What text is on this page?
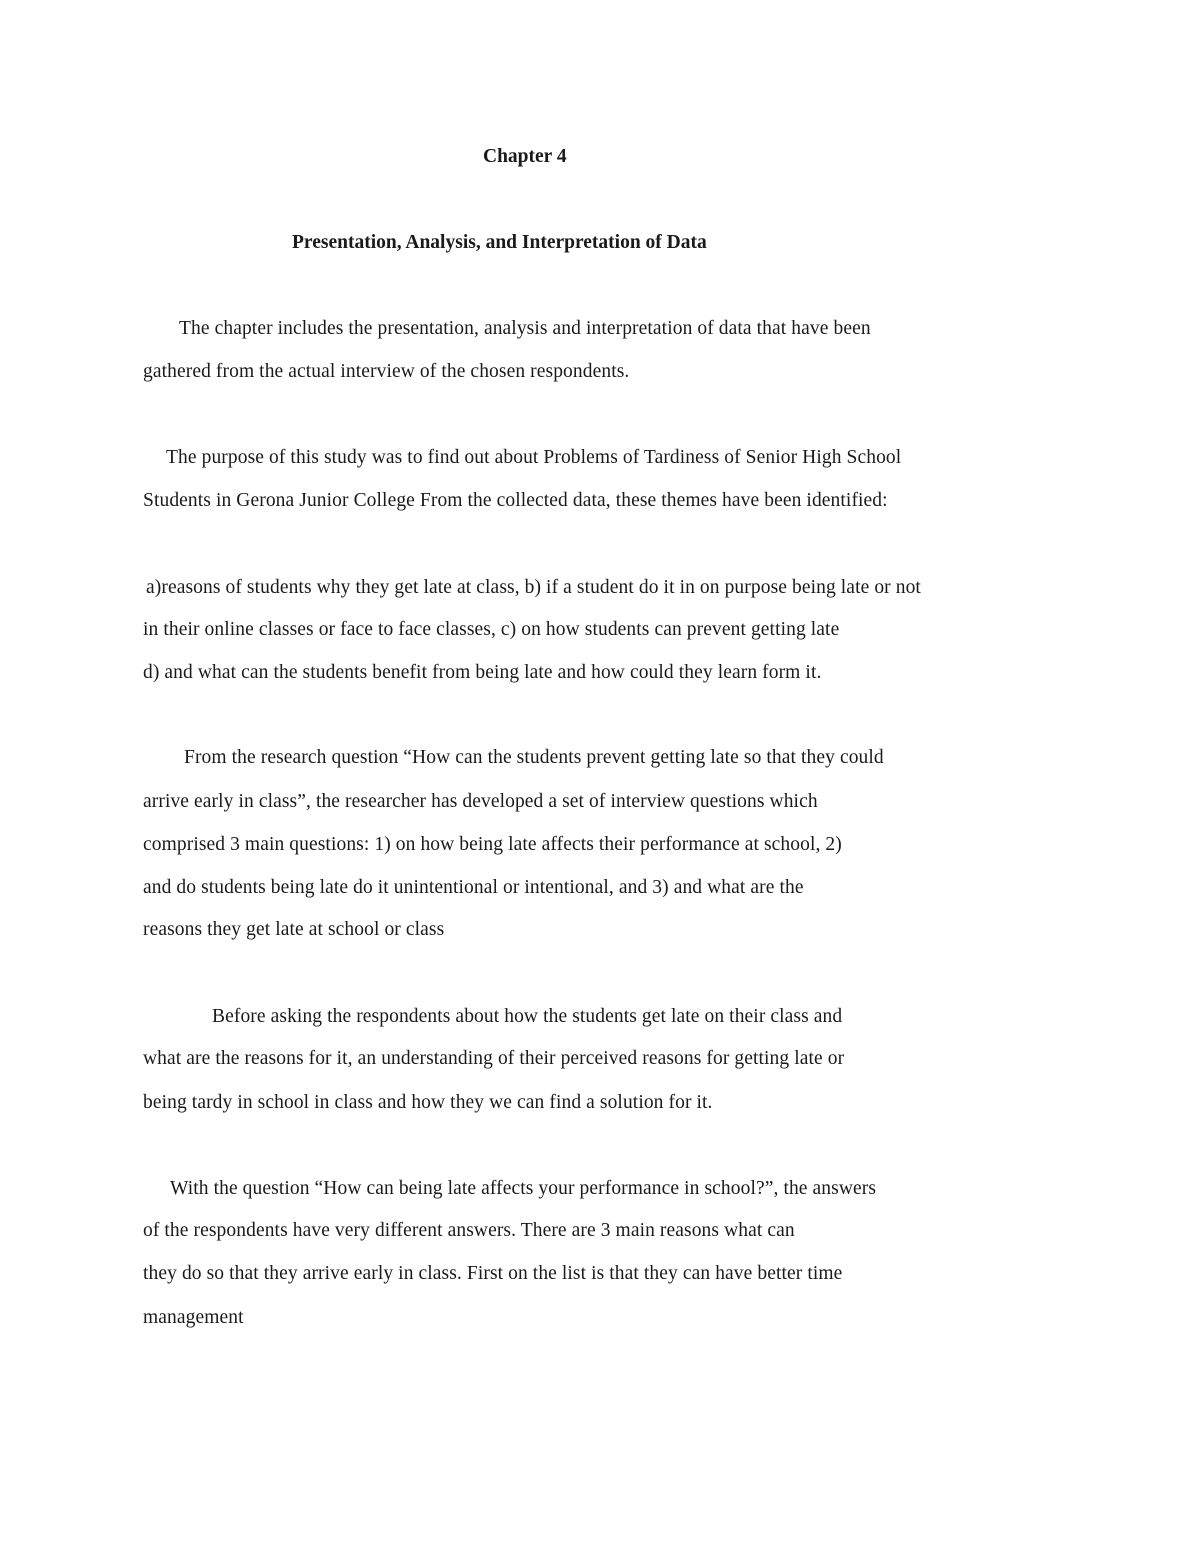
Chapter 4
Presentation, Analysis, and Interpretation of Data
The chapter includes the presentation, analysis and interpretation of data that have been
gathered from the actual interview of the chosen respondents.
The purpose of this study was to find out about Problems of Tardiness of Senior High School
Students in Gerona Junior College From the collected data, these themes have been identified:
a)reasons of students why they get late at class, b) if a student do it in on purpose being late or not
in their online classes or face to face classes, c) on how students can prevent getting late
d) and what can the students benefit from being late and how could they learn form it.
From the research question “How can the students prevent getting late so that they could
arrive early in class”, the researcher has developed a set of interview questions which
comprised 3 main questions: 1) on how being late affects their performance at school, 2)
and do students being late do it unintentional or intentional, and 3) and what are the
reasons they get late at school or class
Before asking the respondents about how the students get late on their class and
what are the reasons for it, an understanding of their perceived reasons for getting late or
being tardy in school in class and how they we can find a solution for it.
With the question “How can being late affects your performance in school?”, the answers
of the respondents have very different answers. There are 3 main reasons what can
they do so that they arrive early in class. First on the list is that they can have better time
management
